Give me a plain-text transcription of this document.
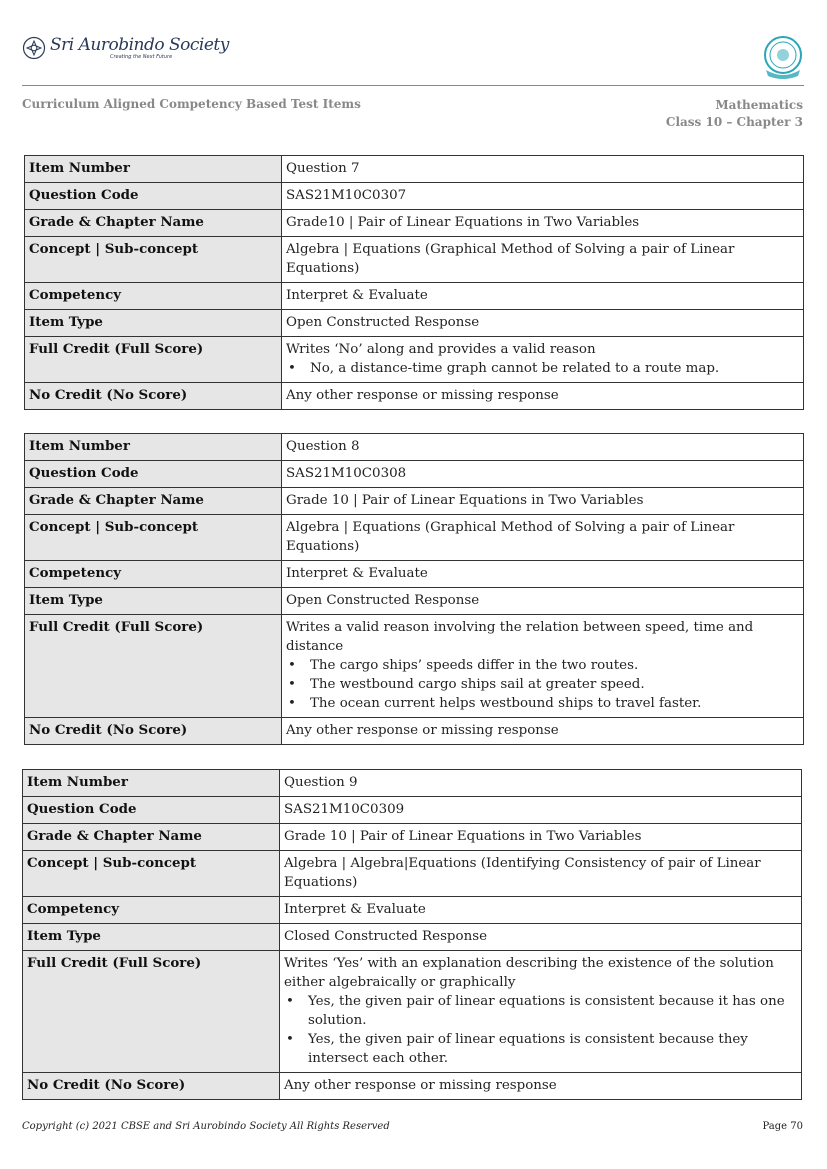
Sri Aurobindo Society
Creating the Next Future
Curriculum Aligned Competency Based Test Items	Mathematics
Class 10 – Chapter 3
Item Number	Question 7
Question Code	SAS21M10C0307
Grade & Chapter Name	Grade10 | Pair of Linear Equations in Two Variables
Concept | Sub-concept	Algebra | Equations (Graphical Method of Solving a pair of Linear Equations)
Competency	Interpret & Evaluate
Item Type	Open Constructed Response
Full Credit (Full Score)	Writes ‘No’ along and provides a valid reason
• No, a distance-time graph cannot be related to a route map.

No Credit (No Score)	Any other response or missing response
Item Number	Question 8
Question Code	SAS21M10C0308
Grade & Chapter Name	Grade 10 | Pair of Linear Equations in Two Variables
Concept | Sub-concept	Algebra | Equations (Graphical Method of Solving a pair of Linear Equations)
Competency	Interpret & Evaluate
Item Type	Open Constructed Response
Full Credit (Full Score)	Writes a valid reason involving the relation between speed, time and distance
• The cargo ships’ speeds differ in the two routes.
• The westbound cargo ships sail at greater speed.
• The ocean current helps westbound ships to travel faster.

No Credit (No Score)	Any other response or missing response
Item Number	Question 9
Question Code	SAS21M10C0309
Grade & Chapter Name	Grade 10 | Pair of Linear Equations in Two Variables
Concept | Sub-concept	Algebra | Algebra|Equations (Identifying Consistency of pair of Linear Equations)
Competency	Interpret & Evaluate
Item Type	Closed Constructed Response
Full Credit (Full Score)	Writes ‘Yes’ with an explanation describing the existence of the solution either algebraically or graphically
• Yes, the given pair of linear equations is consistent because it has one solution.
• Yes, the given pair of linear equations is consistent because they intersect each other.

No Credit (No Score)	Any other response or missing response
Copyright (c) 2021 CBSE and Sri Aurobindo Society All Rights Reserved	Page 70
